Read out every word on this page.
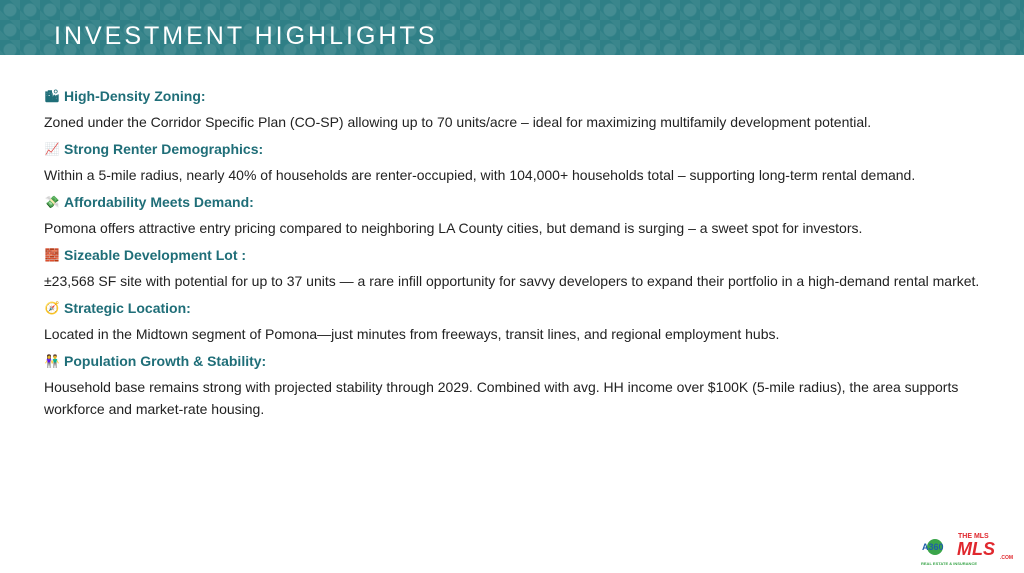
INVESTMENT HIGHLIGHTS
🏙 High-Density Zoning:

Zoned under the Corridor Specific Plan (CO-SP) allowing up to 70 units/acre – ideal for maximizing multifamily development potential.

📈 Strong Renter Demographics:

Within a 5-mile radius, nearly 40% of households are renter-occupied, with 104,000+ households total – supporting long-term rental demand.

💸 Affordability Meets Demand:

Pomona offers attractive entry pricing compared to neighboring LA County cities, but demand is surging – a sweet spot for investors.

🧱 Sizeable Development Lot :

±23,568 SF site with potential for up to 37 units — a rare infill opportunity for savvy developers to expand their portfolio in a high-demand rental market.

🧭 Strategic Location:

Located in the Midtown segment of Pomona—just minutes from freeways, transit lines, and regional employment hubs.

👫 Population Growth & Stability:

Household base remains strong with projected stability through 2029. Combined with avg. HH income over $100K (5-mile radius), the area supports workforce and market-rate housing.

A360
THE MLS
MLS .COM
REAL ESTATE & INSURANCE
